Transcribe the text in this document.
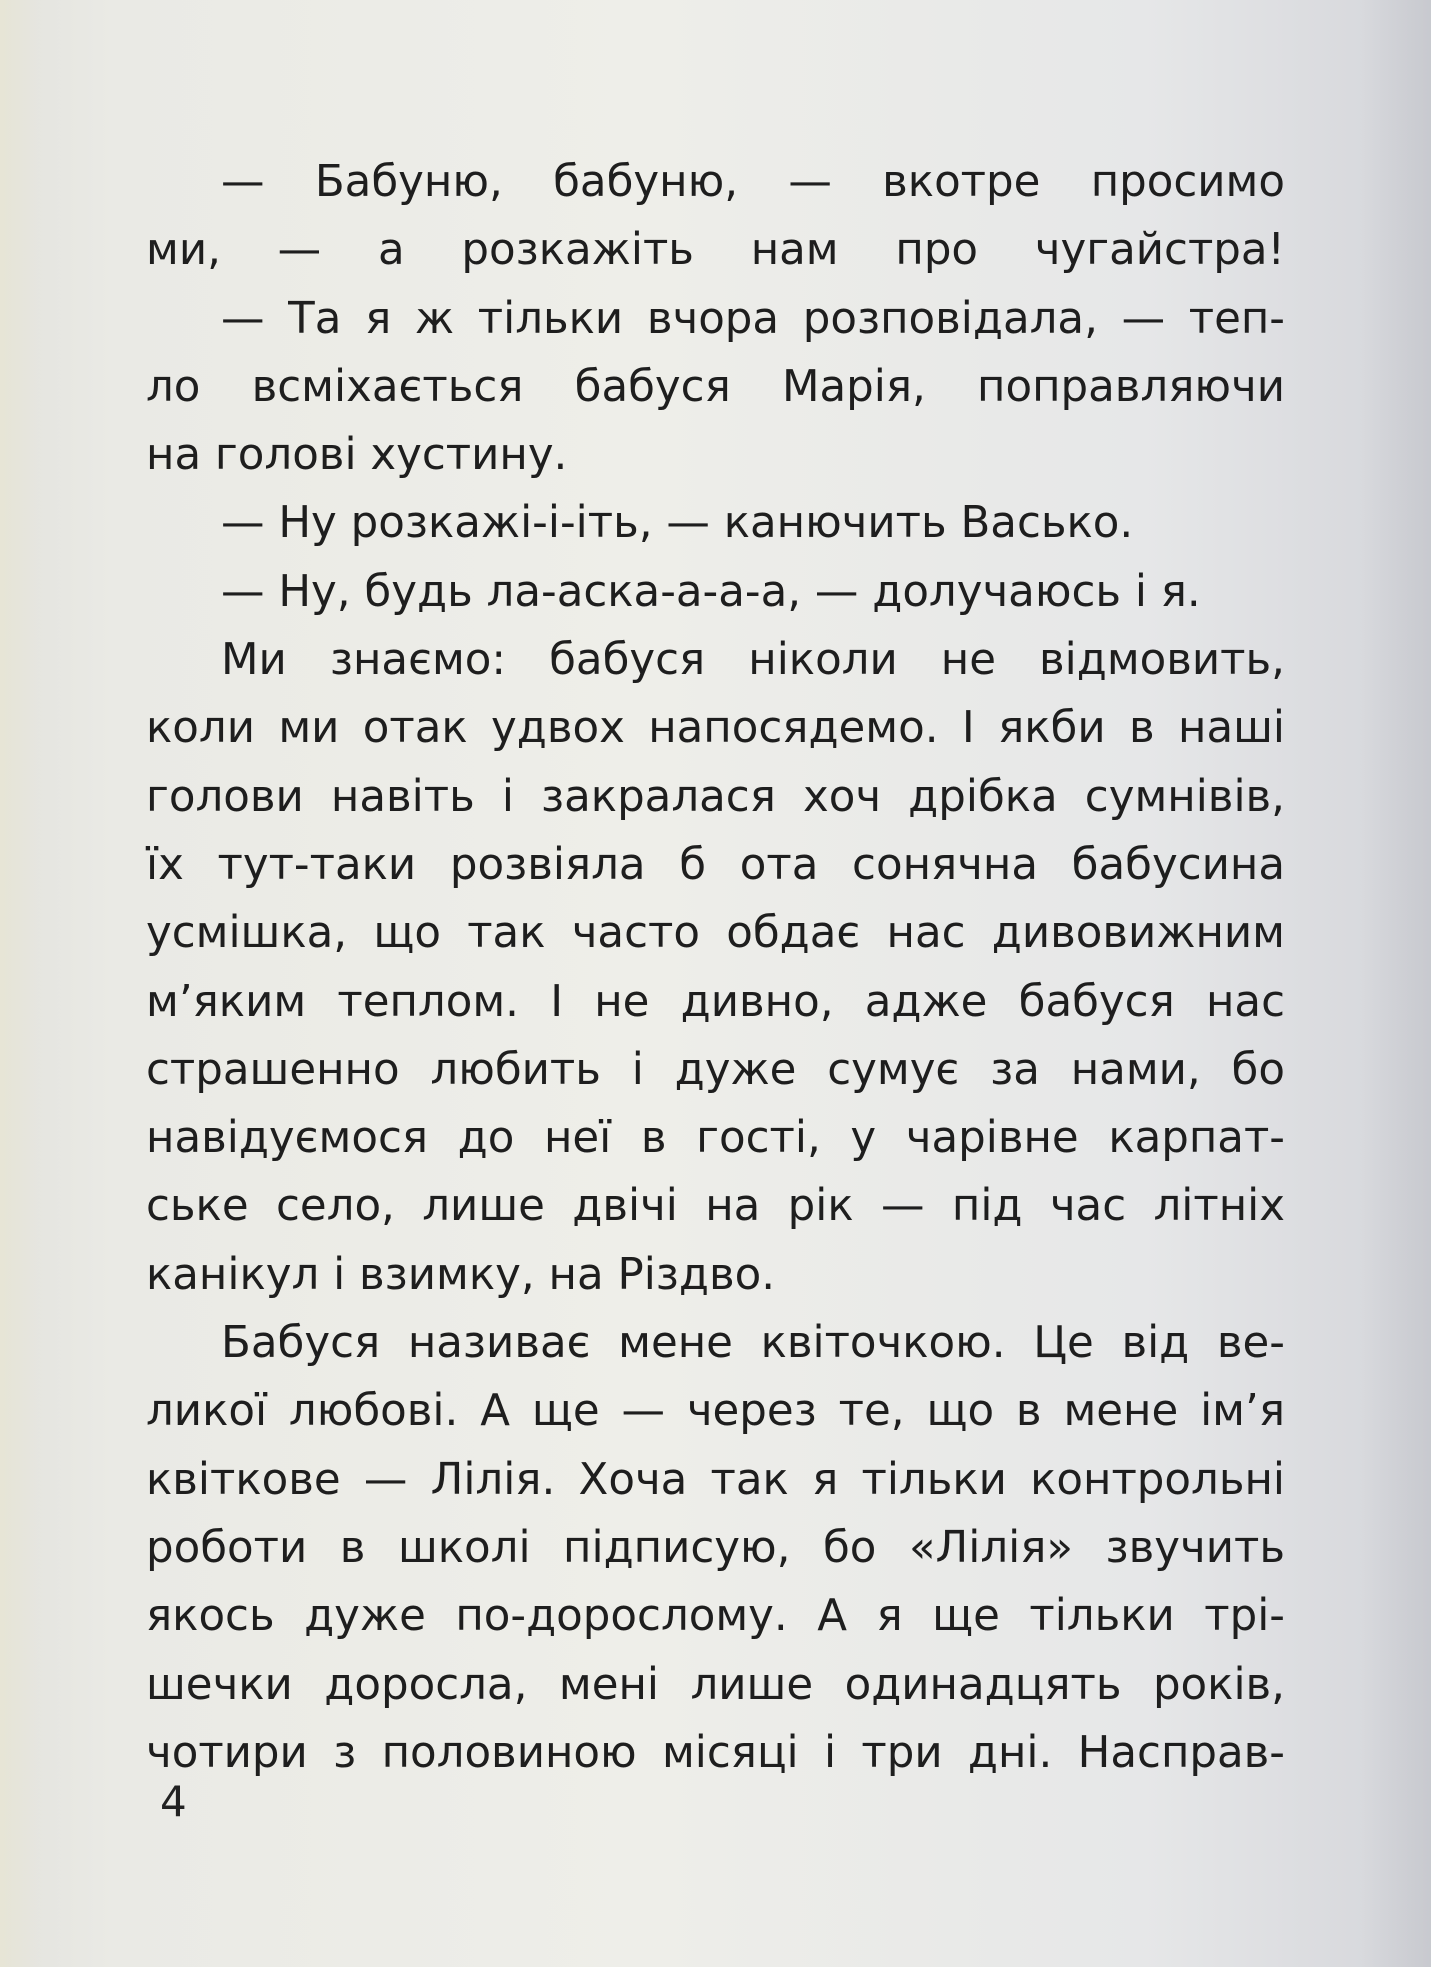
— Бабуню, бабуню, — вкотре просимо
ми, — а розкажіть нам про чугайстра!
— Та я ж тільки вчора розповідала, — теп-
ло всміхається бабуся Марія, поправляючи
на голові хустину.
— Ну розкажі-і-іть, — канючить Васько.
— Ну, будь ла-аска-а-а-а, — долучаюсь і я.
Ми знаємо: бабуся ніколи не відмовить,
коли ми отак удвох напосядемо. І якби в наші
голови навіть і закралася хоч дрібка сумнівів,
їх тут-таки розвіяла б ота сонячна бабусина
усмішка, що так часто обдає нас дивовижним
м’яким теплом. І не дивно, адже бабуся нас
страшенно любить і дуже сумує за нами, бо
навідуємося до неї в гості, у чарівне карпат-
ське село, лише двічі на рік — під час літніх
канікул і взимку, на Різдво.
Бабуся називає мене квіточкою. Це від ве-
ликої любові. А ще — через те, що в мене ім’я
квіткове — Лілія. Хоча так я тільки контрольні
роботи в школі підписую, бо «Лілія» звучить
якось дуже по-дорослому. А я ще тільки трі-
шечки доросла, мені лише одинадцять років,
чотири з половиною місяці і три дні. Насправ-
4
